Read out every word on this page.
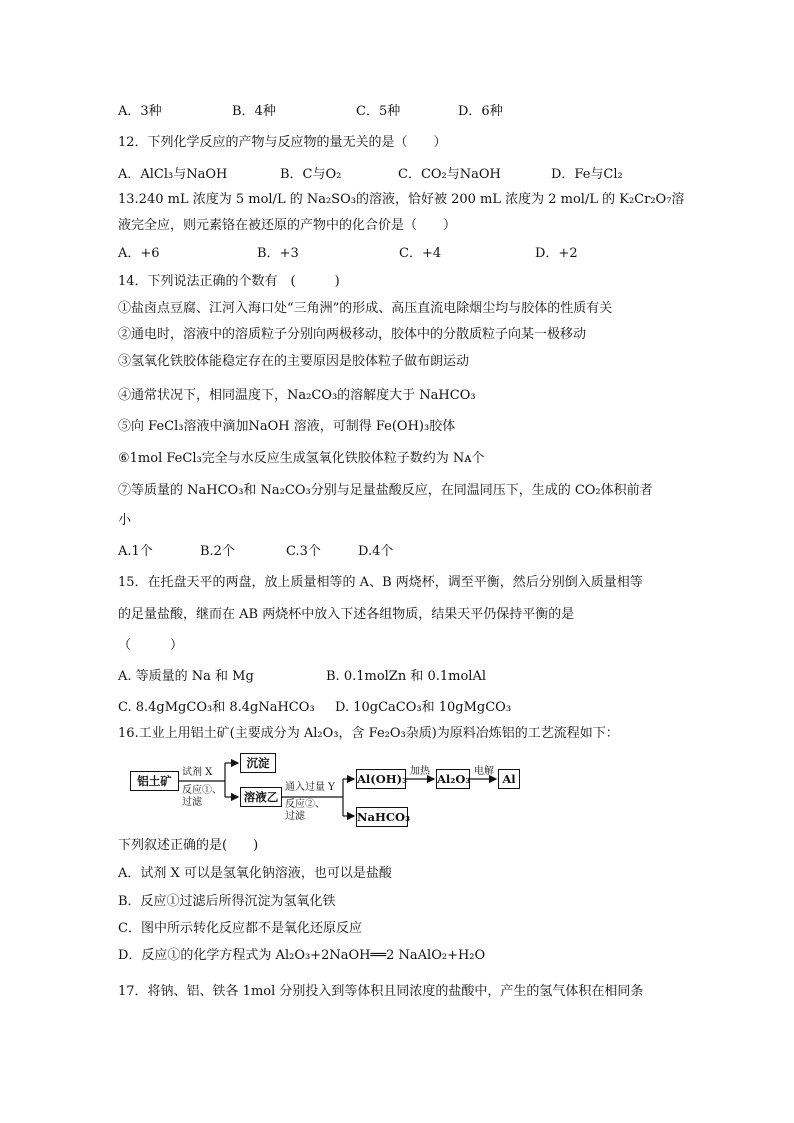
A．3种	B．4种	C．5种	D．6种
12．下列化学反应的产物与反应物的量无关的是（　　）
A．AlCl₃与NaOH	B．C与O₂	C．CO₂与NaOH	D．Fe与Cl₂
13.240 mL 浓度为 5 mol/L 的 Na₂SO₃的溶液，恰好被 200 mL 浓度为 2 mol/L 的 K₂Cr₂O₇溶
液完全应，则元素铬在被还原的产物中的化合价是（　　）
A．+6	B．+3	C．+4	D．+2
14．下列说法正确的个数有　(　　　)
①盐卤点豆腐、江河入海口处“三角洲”的形成、高压直流电除烟尘均与胶体的性质有关
②通电时，溶液中的溶质粒子分别向两极移动，胶体中的分散质粒子向某一极移动
③氢氧化铁胶体能稳定存在的主要原因是胶体粒子做布朗运动
④通常状况下，相同温度下，Na₂CO₃的溶解度大于 NaHCO₃
⑤向 FeCl₃溶液中滴加NaOH 溶液，可制得 Fe(OH)₃胶体
⑥1mol FeCl₃完全与水反应生成氢氧化铁胶体粒子数约为 Nᴀ个
⑦等质量的 NaHCO₃和 Na₂CO₃分别与足量盐酸反应，在同温同压下，生成的 CO₂体积前者
小
A.1个	B.2个	C.3个	D.4个
15．在托盘天平的两盘，放上质量相等的 A、B 两烧杯，调至平衡，然后分别倒入质量相等
的足量盐酸，继而在 AB 两烧杯中放入下述各组物质，结果天平仍保持平衡的是
（　　　）
A. 等质量的 Na 和 Mg	B. 0.1molZn 和 0.1molAl
C. 8.4gMgCO₃和 8.4gNaHCO₃ D. 10gCaCO₃和 10gMgCO₃
16.工业上用铝土矿(主要成分为 Al₂O₃，含 Fe₂O₃杂质)为原料冶炼铝的工艺流程如下：
铝土矿
试剂 X
反应①、
过滤
沉淀
溶液乙
通入过量 Y
反应②、
过滤
Al(OH)₃
加热
Al₂O₃
电解
Al
NaHCO₃
下列叙述正确的是(　　)
A．试剂 X 可以是氢氧化钠溶液，也可以是盐酸
B．反应①过滤后所得沉淀为氢氧化铁
C．图中所示转化反应都不是氧化还原反应
D．反应①的化学方程式为 Al₂O₃+2NaOH══2 NaAlO₂+H₂O
17．将钠、铝、铁各 1mol 分别投入到等体积且同浓度的盐酸中，产生的氢气体积在相同条
